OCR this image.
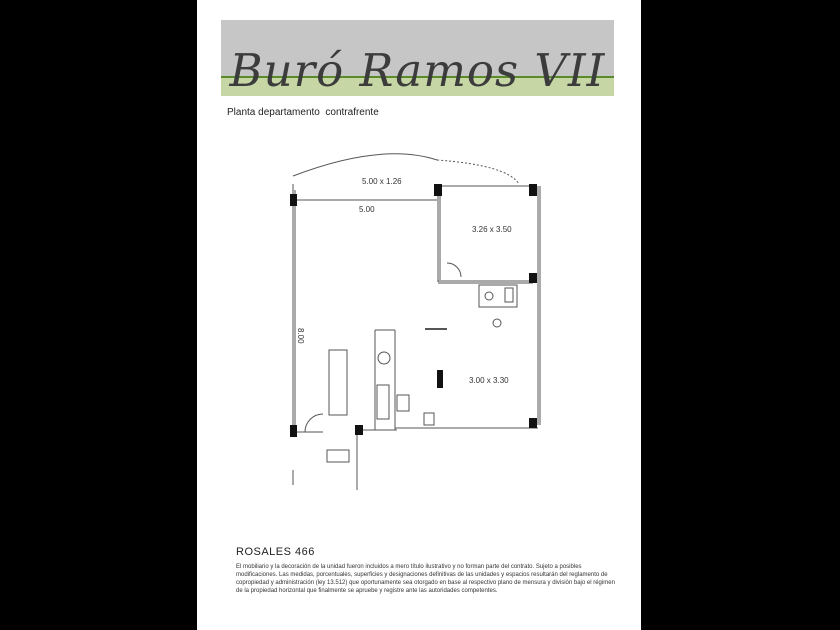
Buró Ramos VII
Planta departamento  contrafrente
5.00 x 1.26
5.00
3.26 x 3.50
3.00 x 3.30
8.00
ROSALES 466
El mobiliario y la decoración de la unidad fueron incluidos a mero título ilustrativo y no forman parte del contrato. Sujeto a posibles modificaciones. Las medidas, porcentuales, superficies y designaciones definitivas de las unidades y espacios resultarán del reglamento de copropiedad y administración (ley 13.512) que oportunamente sea otorgado en base al respectivo plano de mensura y división bajo el régimen de la propiedad horizontal que finalmente se apruebe y registre ante las autoridades competentes.
